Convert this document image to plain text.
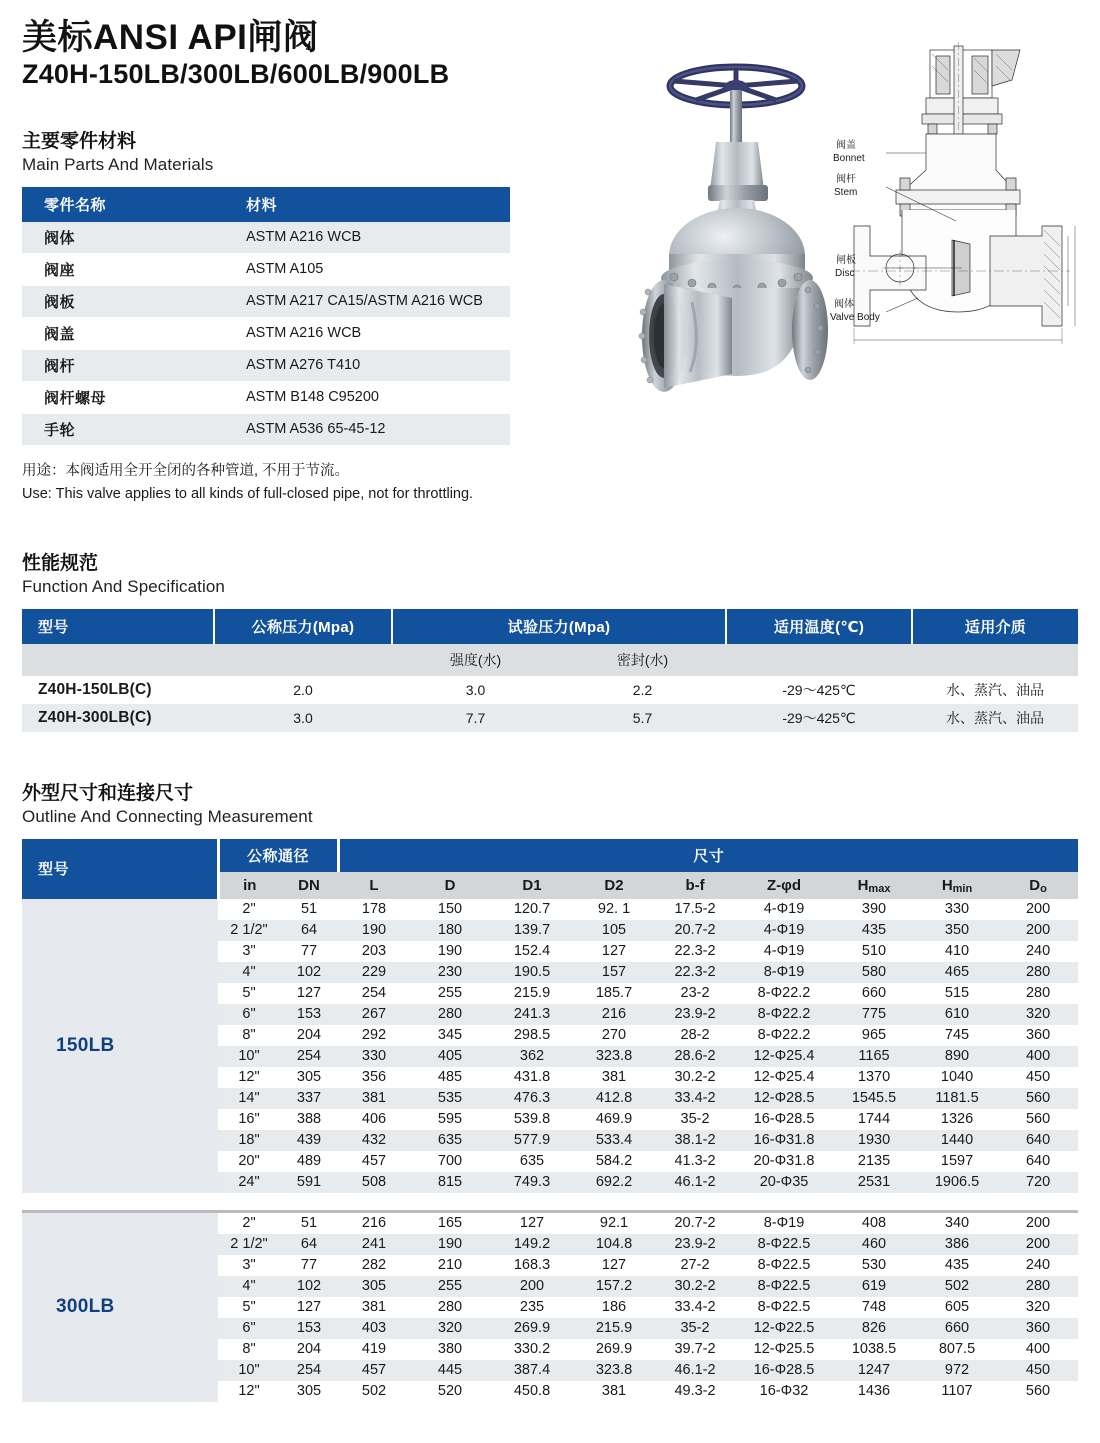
美标ANSI API闸阀
Z40H-150LB/300LB/600LB/900LB
阀盖
Bonnet
阀杆
Stem
闸板
Disc
阀体
Valve Body
主要零件材料
Main Parts And Materials
零件名称	材料
阀体	ASTM A216 WCB
阀座	ASTM A105
阀板	ASTM A217 CA15/ASTM A216 WCB
阀盖	ASTM A216 WCB
阀杆	ASTM A276 T410
阀杆螺母	ASTM B148 C95200
手轮	ASTM A536 65-45-12
用途：本阀适用全开全闭的各种管道, 不用于节流。
Use: This valve applies to all kinds of full-closed pipe, not for throttling.
性能规范
Function And Specification
型号	公称压力(Mpa)	试验压力(Mpa)		适用温度(℃)	适用介质
		强度(水)	密封(水)		
Z40H-150LB(C)	2.0	3.0	2.2	-29～425℃	水、蒸汽、油品
Z40H-300LB(C)	3.0	7.7	5.7	-29～425℃	水、蒸汽、油品
外型尺寸和连接尺寸
Outline And Connecting Measurement
型号	公称通径		尺寸								
	in	DN	L	D	D1	D2	b-f	Z-φd	$H_{max}$	$H_{min}$	$D_o$
150LB	2"	51	178	150	120.7	92. 1	17.5-2	4-Φ19	390	330	200
	2 1/2"	64	190	180	139.7	105	20.7-2	4-Φ19	435	350	200
	3"	77	203	190	152.4	127	22.3-2	4-Φ19	510	410	240
	4"	102	229	230	190.5	157	22.3-2	8-Φ19	580	465	280
	5"	127	254	255	215.9	185.7	23-2	8-Φ22.2	660	515	280
	6"	153	267	280	241.3	216	23.9-2	8-Φ22.2	775	610	320
	8"	204	292	345	298.5	270	28-2	8-Φ22.2	965	745	360
	10"	254	330	405	362	323.8	28.6-2	12-Φ25.4	1165	890	400
	12"	305	356	485	431.8	381	30.2-2	12-Φ25.4	1370	1040	450
	14"	337	381	535	476.3	412.8	33.4-2	12-Φ28.5	1545.5	1181.5	560
	16"	388	406	595	539.8	469.9	35-2	16-Φ28.5	1744	1326	560
	18"	439	432	635	577.9	533.4	38.1-2	16-Φ31.8	1930	1440	640
	20"	489	457	700	635	584.2	41.3-2	20-Φ31.8	2135	1597	640
	24"	591	508	815	749.3	692.2	46.1-2	20-Φ35	2531	1906.5	720
300LB	2"	51	216	165	127	92.1	20.7-2	8-Φ19	408	340	200
	2 1/2"	64	241	190	149.2	104.8	23.9-2	8-Φ22.5	460	386	200
	3"	77	282	210	168.3	127	27-2	8-Φ22.5	530	435	240
	4"	102	305	255	200	157.2	30.2-2	8-Φ22.5	619	502	280
	5"	127	381	280	235	186	33.4-2	8-Φ22.5	748	605	320
	6"	153	403	320	269.9	215.9	35-2	12-Φ22.5	826	660	360
	8"	204	419	380	330.2	269.9	39.7-2	12-Φ25.5	1038.5	807.5	400
	10"	254	457	445	387.4	323.8	46.1-2	16-Φ28.5	1247	972	450
	12"	305	502	520	450.8	381	49.3-2	16-Φ32	1436	1107	560
